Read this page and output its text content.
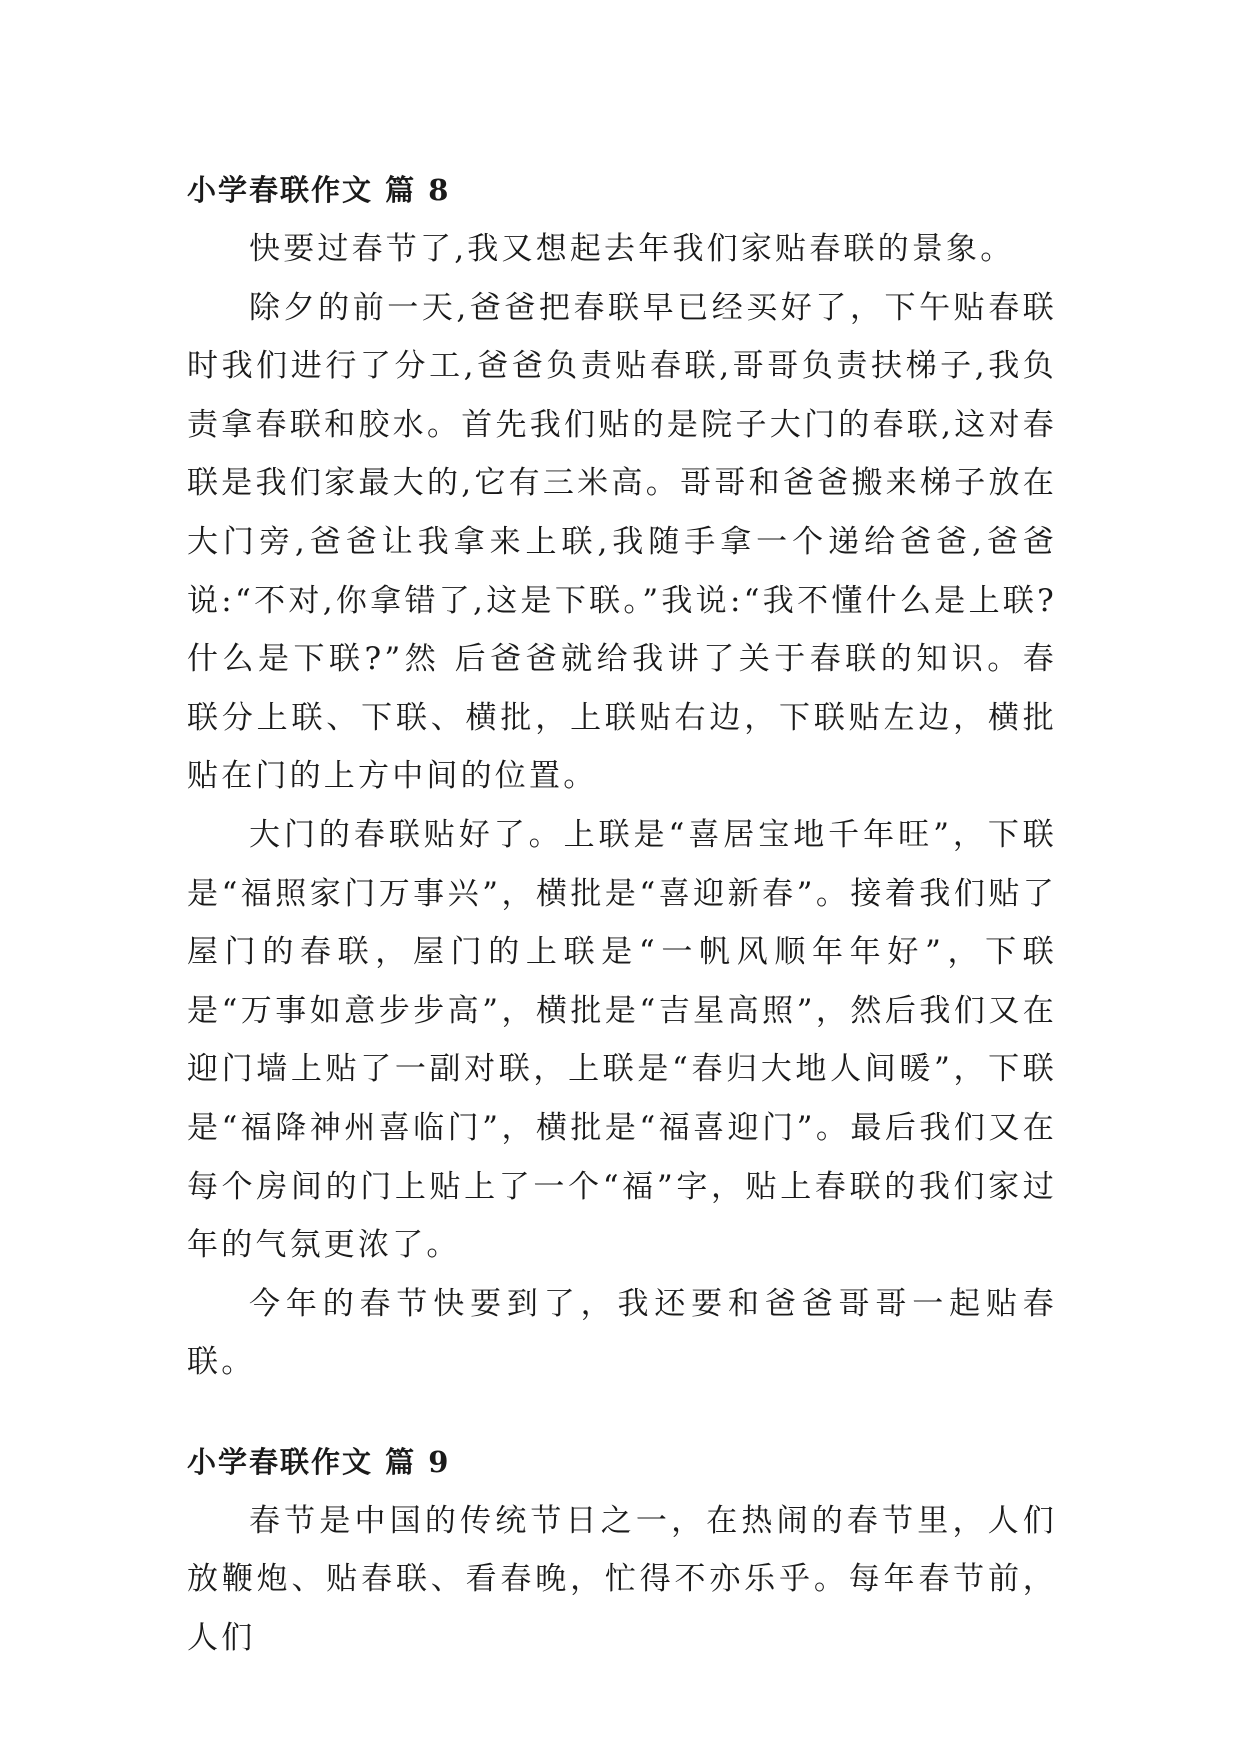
小学春联作文 篇 8

快要过春节了,我又想起去年我们家贴春联的景象。

除夕的前一天,爸爸把春联早已经买好了，下午贴春联时我们进行了分工,爸爸负责贴春联,哥哥负责扶梯子,我负责拿春联和胶水。首先我们贴的是院子大门的春联,这对春联是我们家最大的,它有三米高。哥哥和爸爸搬来梯子放在大门旁,爸爸让我拿来上联,我随手拿一个递给爸爸,爸爸说:“不对,你拿错了,这是下联。”我说:“我不懂什么是上联?什么是下联?”然 后爸爸就给我讲了关于春联的知识。春联分上联、下联、横批，上联贴右边，下联贴左边，横批贴在门的上方中间的位置。

大门的春联贴好了。上联是“喜居宝地千年旺”，下联是“福照家门万事兴”，横批是“喜迎新春”。接着我们贴了屋门的春联，屋门的上联是“一帆风顺年年好”，下联是“万事如意步步高”，横批是“吉星高照”，然后我们又在迎门墙上贴了一副对联，上联是“春归大地人间暖”，下联是“福降神州喜临门”，横批是“福喜迎门”。最后我们又在每个房间的门上贴上了一个“福”字，贴上春联的我们家过年的气氛更浓了。

今年的春节快要到了，我还要和爸爸哥哥一起贴春联。

小学春联作文 篇 9

春节是中国的传统节日之一，在热闹的春节里，人们放鞭炮、贴春联、看春晚，忙得不亦乐乎。每年春节前，人们
